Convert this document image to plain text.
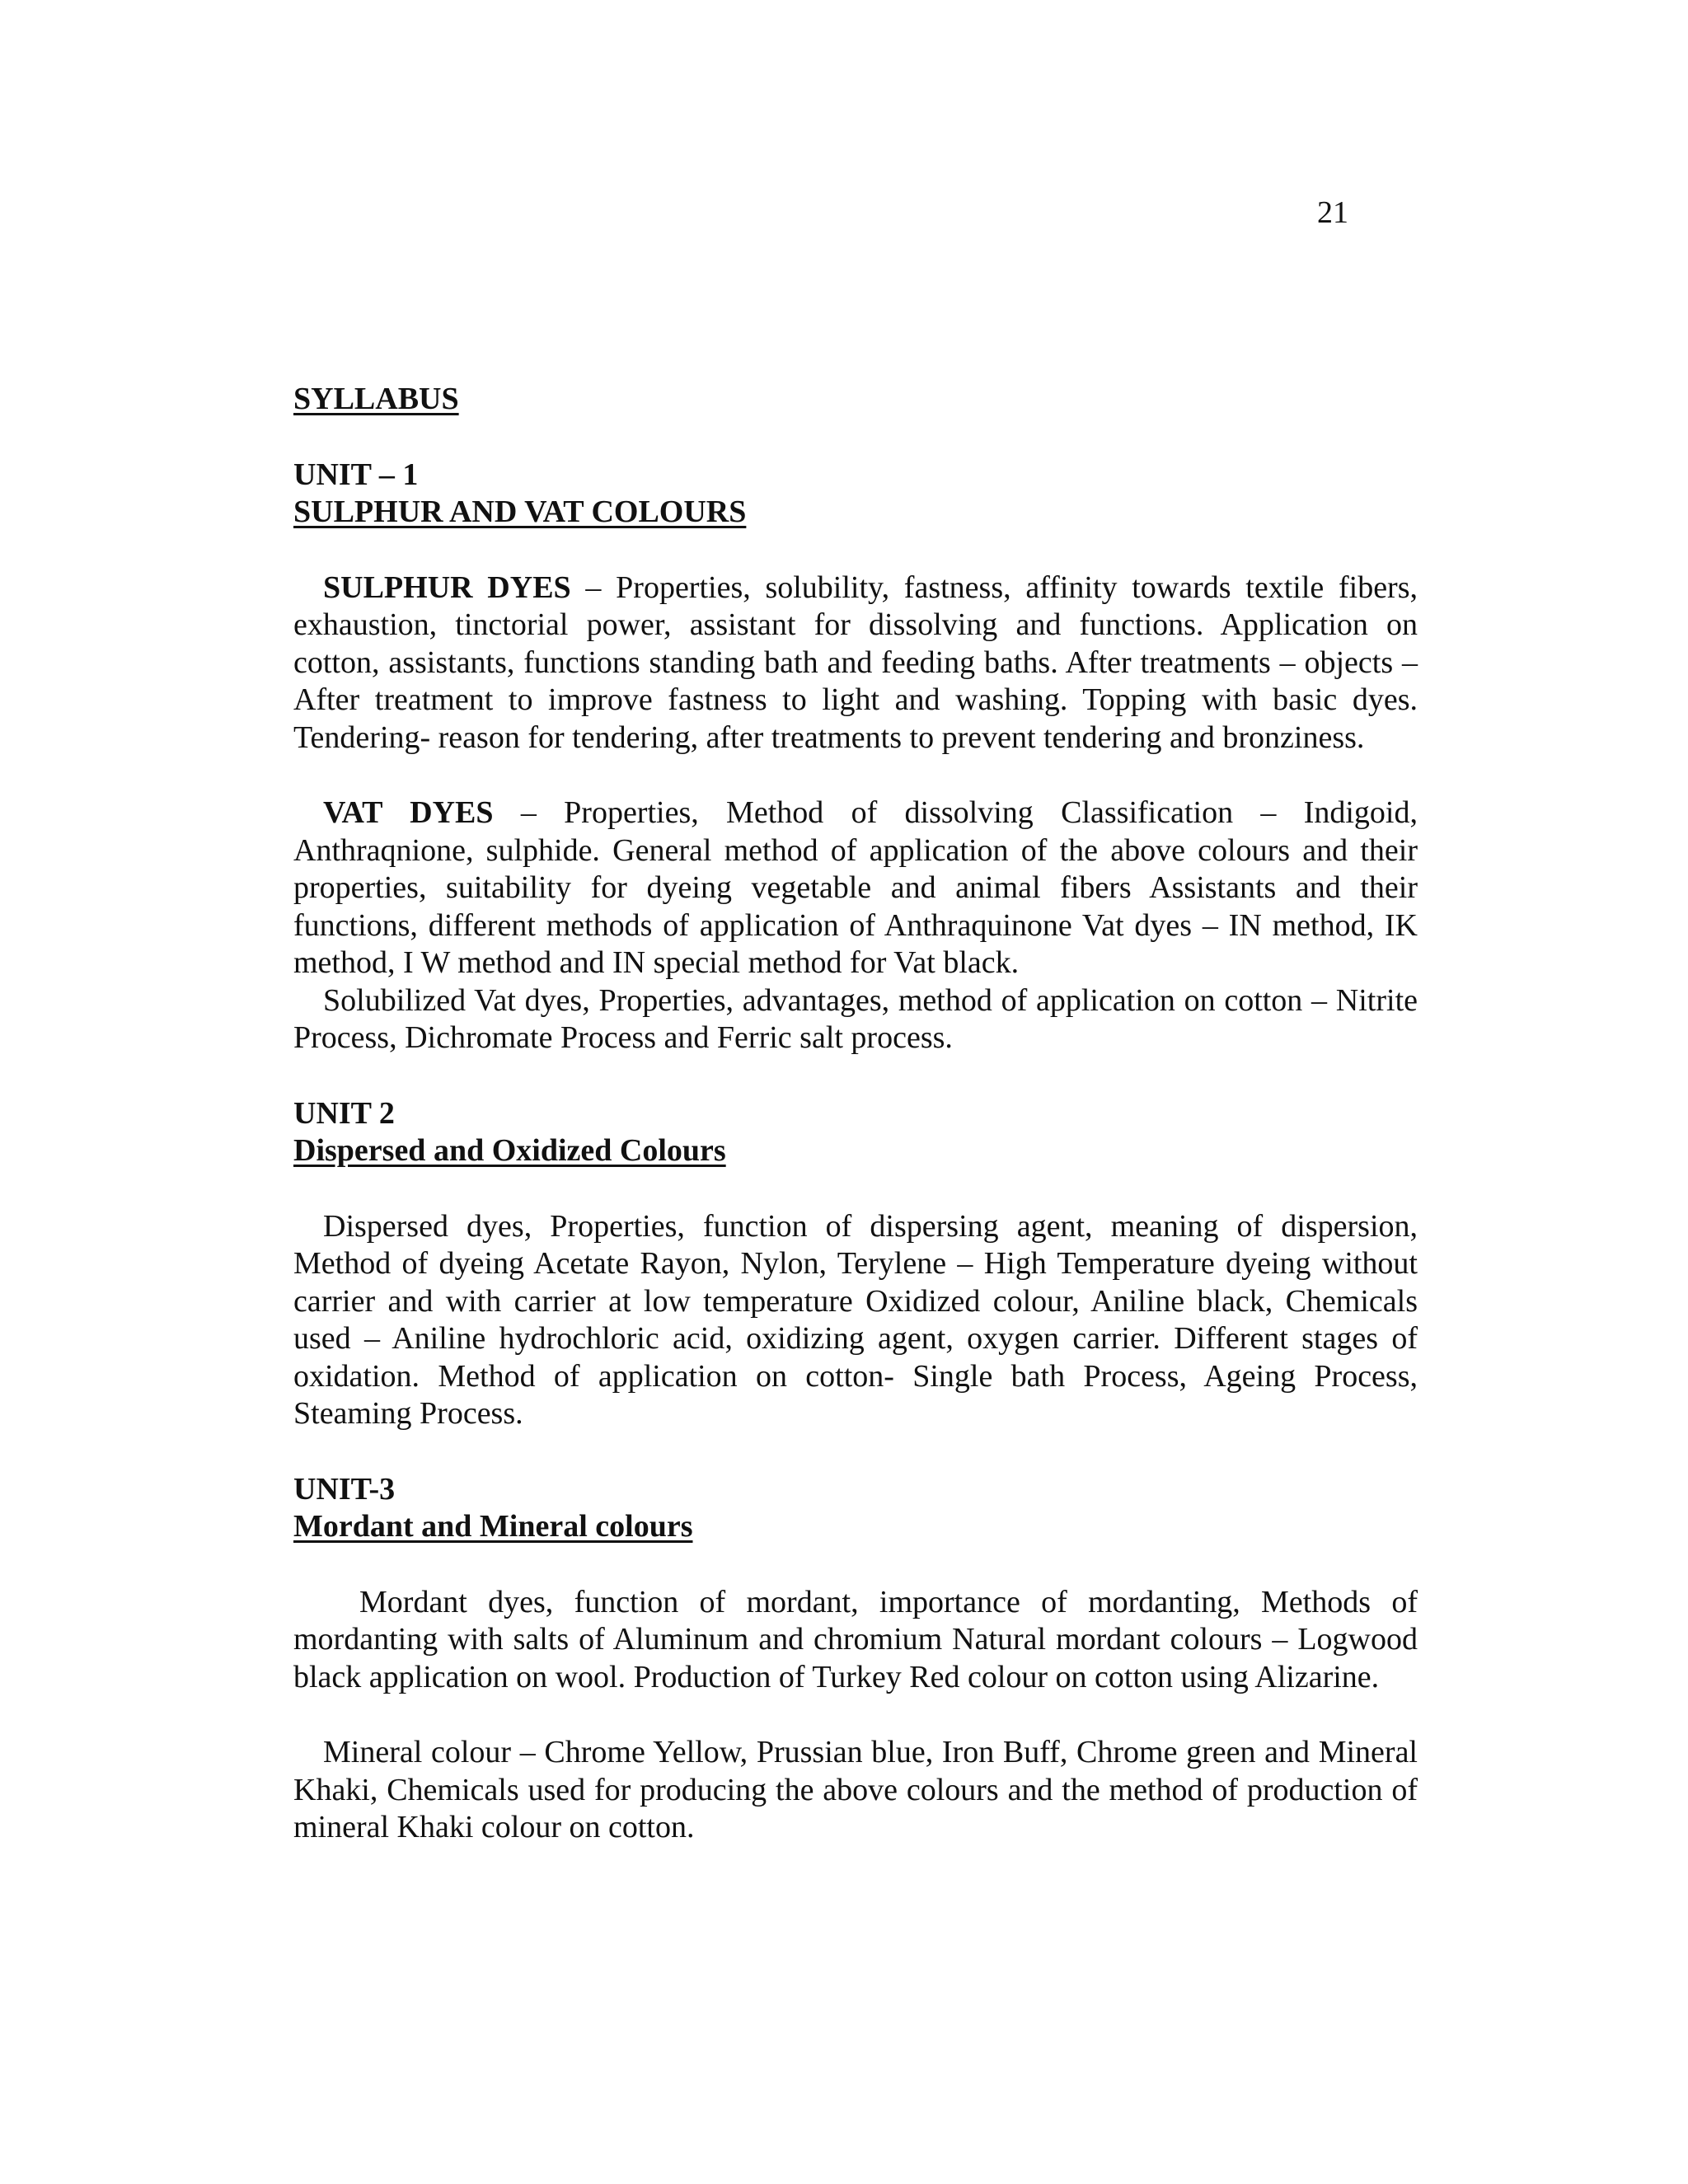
21
SYLLABUS
UNIT – 1
SULPHUR AND VAT COLOURS

SULPHUR DYES – Properties, solubility, fastness, affinity towards textile fibers, exhaustion, tinctorial power, assistant for dissolving and functions. Application on cotton, assistants, functions standing bath and feeding baths. After treatments – objects – After treatment to improve fastness to light and washing. Topping with basic dyes. Tendering- reason for tendering, after treatments to prevent tendering and bronziness.

VAT DYES – Properties, Method of dissolving Classification – Indigoid, Anthraqnione, sulphide. General method of application of the above colours and their properties, suitability for dyeing vegetable and animal fibers Assistants and their functions, different methods of application of Anthraquinone Vat dyes – IN method, IK method, I W method and IN special method for Vat black.

Solubilized Vat dyes, Properties, advantages, method of application on cotton – Nitrite Process, Dichromate Process and Ferric salt process.

UNIT 2
Dispersed and Oxidized Colours

Dispersed dyes, Properties, function of dispersing agent, meaning of dispersion, Method of dyeing Acetate Rayon, Nylon, Terylene – High Temperature dyeing without carrier and with carrier at low temperature Oxidized colour, Aniline black, Chemicals used – Aniline hydrochloric acid, oxidizing agent, oxygen carrier. Different stages of oxidation. Method of application on cotton- Single bath Process, Ageing Process, Steaming Process.

UNIT-3
Mordant and Mineral colours

Mordant dyes, function of mordant, importance of mordanting, Methods of mordanting with salts of Aluminum and chromium Natural mordant colours – Logwood black application on wool. Production of Turkey Red colour on cotton using Alizarine.

Mineral colour – Chrome Yellow, Prussian blue, Iron Buff, Chrome green and Mineral Khaki, Chemicals used for producing the above colours and the method of production of mineral Khaki colour on cotton.
